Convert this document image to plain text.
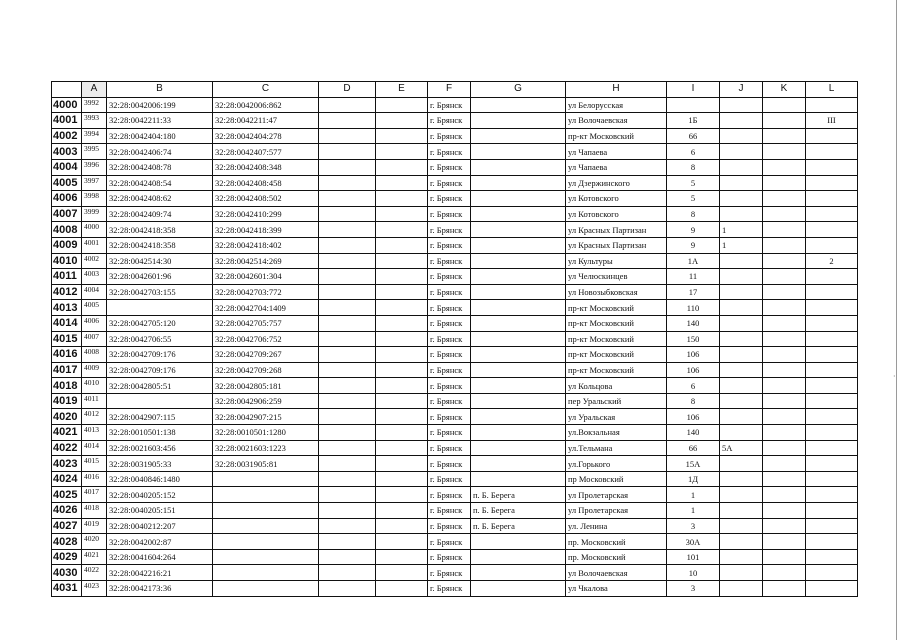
·
	A	B	C	D	E	F	G	H	I	J	K	L
4000	3992	32:28:0042006:199	32:28:0042006:862			г. Брянск		ул Белорусская				
4001	3993	32:28:0042211:33	32:28:0042211:47			г. Брянск		ул Волочаевская	1Б			III
4002	3994	32:28:0042404:180	32:28:0042404:278			г. Брянск		пр-кт Московский	66			
4003	3995	32:28:0042406:74	32:28:0042407:577			г. Брянск		ул Чапаева	6			
4004	3996	32:28:0042408:78	32:28:0042408:348			г. Брянск		ул Чапаева	8			
4005	3997	32:28:0042408:54	32:28:0042408:458			г. Брянск		ул Дзержинского	5			
4006	3998	32:28:0042408:62	32:28:0042408:502			г. Брянск		ул Котовского	5			
4007	3999	32:28:0042409:74	32:28:0042410:299			г. Брянск		ул Котовского	8			
4008	4000	32:28:0042418:358	32:28:0042418:399			г. Брянск		ул Красных Партизан	9	1		
4009	4001	32:28:0042418:358	32:28:0042418:402			г. Брянск		ул Красных Партизан	9	1		
4010	4002	32:28:0042514:30	32:28:0042514:269			г. Брянск		ул Культуры	1А			2
4011	4003	32:28:0042601:96	32:28:0042601:304			г. Брянск		ул Челюскинцев	11			
4012	4004	32:28:0042703:155	32:28:0042703:772			г. Брянск		ул Новозыбковская	17			
4013	4005		32:28:0042704:1409			г. Брянск		пр-кт Московский	110			
4014	4006	32:28:0042705:120	32:28:0042705:757			г. Брянск		пр-кт Московский	140			
4015	4007	32:28:0042706:55	32:28:0042706:752			г. Брянск		пр-кт Московский	150			
4016	4008	32:28:0042709:176	32:28:0042709:267			г. Брянск		пр-кт Московский	106			
4017	4009	32:28:0042709:176	32:28:0042709:268			г. Брянск		пр-кт Московский	106			
4018	4010	32:28:0042805:51	32:28:0042805:181			г. Брянск		ул Кольцова	6			
4019	4011		32:28:0042906:259			г. Брянск		пер Уральский	8			
4020	4012	32:28:0042907:115	32:28:0042907:215			г. Брянск		ул Уральская	106			
4021	4013	32:28:0010501:138	32:28:0010501:1280			г. Брянск		ул.Вокзальная	140			
4022	4014	32:28:0021603:456	32:28:0021603:1223			г. Брянск		ул.Тельмана	66	5А		
4023	4015	32:28:0031905:33	32:28:0031905:81			г. Брянск		ул.Горького	15А			
4024	4016	32:28:0040846:1480				г. Брянск		пр Московский	1Д			
4025	4017	32:28:0040205:152				г. Брянск	п. Б. Берега	ул Пролетарская	1			
4026	4018	32:28:0040205:151				г. Брянск	п. Б. Берега	ул Пролетарская	1			
4027	4019	32:28:0040212:207				г. Брянск	п. Б. Берега	ул. Ленина	3			
4028	4020	32:28:0042002:87				г. Брянск		пр. Московский	30А			
4029	4021	32:28:0041604:264				г. Брянск		пр. Московский	101			
4030	4022	32:28:0042216:21				г. Брянск		ул Волочаевская	10			
4031	4023	32:28:0042173:36				г. Брянск		ул Чкалова	3			
